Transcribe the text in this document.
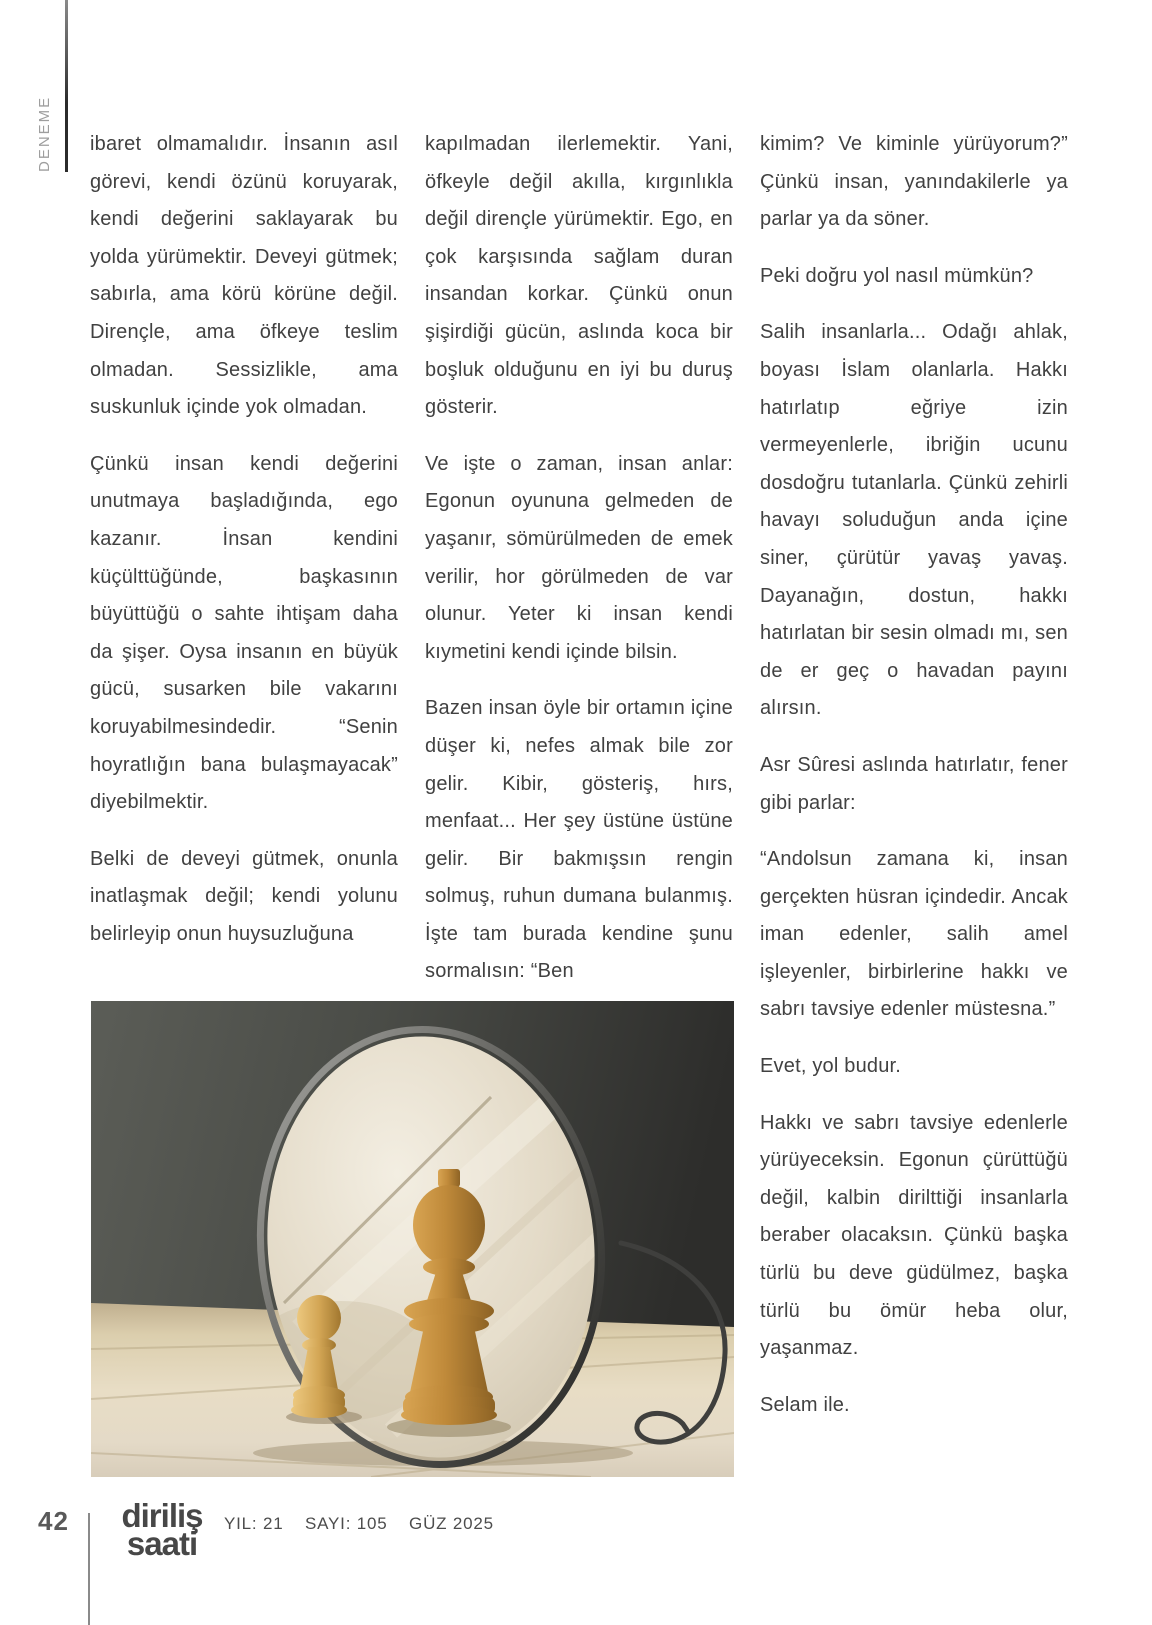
DENEME ibaret olmamalıdır. İnsanın asıl görevi, kendi özünü koruyarak, kendi değerini saklayarak bu yolda yürümektir. Deveyi gütmek; sabırla, ama körü körüne değil. Dirençle, ama öfkeye teslim olmadan. Sessizlikle, ama suskunluk içinde yok olmadan.

Çünkü insan kendi değerini unutmaya başladığında, ego kazanır. İnsan kendini küçülttüğünde, başkasının büyüttüğü o sahte ihtişam daha da şişer. Oysa insanın en büyük gücü, susarken bile vakarını koruyabilmesindedir. “Senin hoyratlığın bana bulaşmayacak” diyebilmektir.

Belki de deveyi gütmek, onunla inatlaşmak değil; kendi yolunu belirleyip onun huysuzluğuna

kapılmadan ilerlemektir. Yani, öfkeyle değil akılla, kırgınlıkla değil dirençle yürümektir. Ego, en çok karşısında sağlam duran insandan korkar. Çünkü onun şişirdiği gücün, aslında koca bir boşluk olduğunu en iyi bu duruş gösterir.

Ve işte o zaman, insan anlar: Egonun oyununa gelmeden de yaşanır, sömürülmeden de emek verilir, hor görülmeden de var olunur. Yeter ki insan kendi kıymetini kendi içinde bilsin.

Bazen insan öyle bir ortamın içine düşer ki, nefes almak bile zor gelir. Kibir, gösteriş, hırs, menfaat... Her şey üstüne üstüne gelir. Bir bakmışsın rengin solmuş, ruhun dumana bulanmış. İşte tam burada kendine şunu sormalısın: “Ben

kimim? Ve kiminle yürüyorum?” Çünkü insan, yanındakilerle ya parlar ya da söner.

Peki doğru yol nasıl mümkün?

Salih insanlarla... Odağı ahlak, boyası İslam olanlarla. Hakkı hatırlatıp eğriye izin vermeyenlerle, ibriğin ucunu dosdoğru tutanlarla. Çünkü zehirli havayı soluduğun anda içine siner, çürütür yavaş yavaş. Dayanağın, dostun, hakkı hatırlatan bir sesin olmadı mı, sen de er geç o havadan payını alırsın.

Asr Sûresi aslında hatırlatır, fener gibi parlar:

“Andolsun zamana ki, insan gerçekten hüsran içindedir. Ancak iman edenler, salih amel işleyenler, birbirlerine hakkı ve sabrı tavsiye edenler müstesna.”

Evet, yol budur.

Hakkı ve sabrı tavsiye edenlerle yürüyeceksin. Egonun çürüttüğü değil, kalbin dirilttiği insanlarla beraber olacaksın. Çünkü başka türlü bu deve güdülmez, başka türlü bu ömür heba olur, yaşanmaz.

Selam ile.

42 diriliş
saati
YIL: 21 SAYI: 105 GÜZ 2025
